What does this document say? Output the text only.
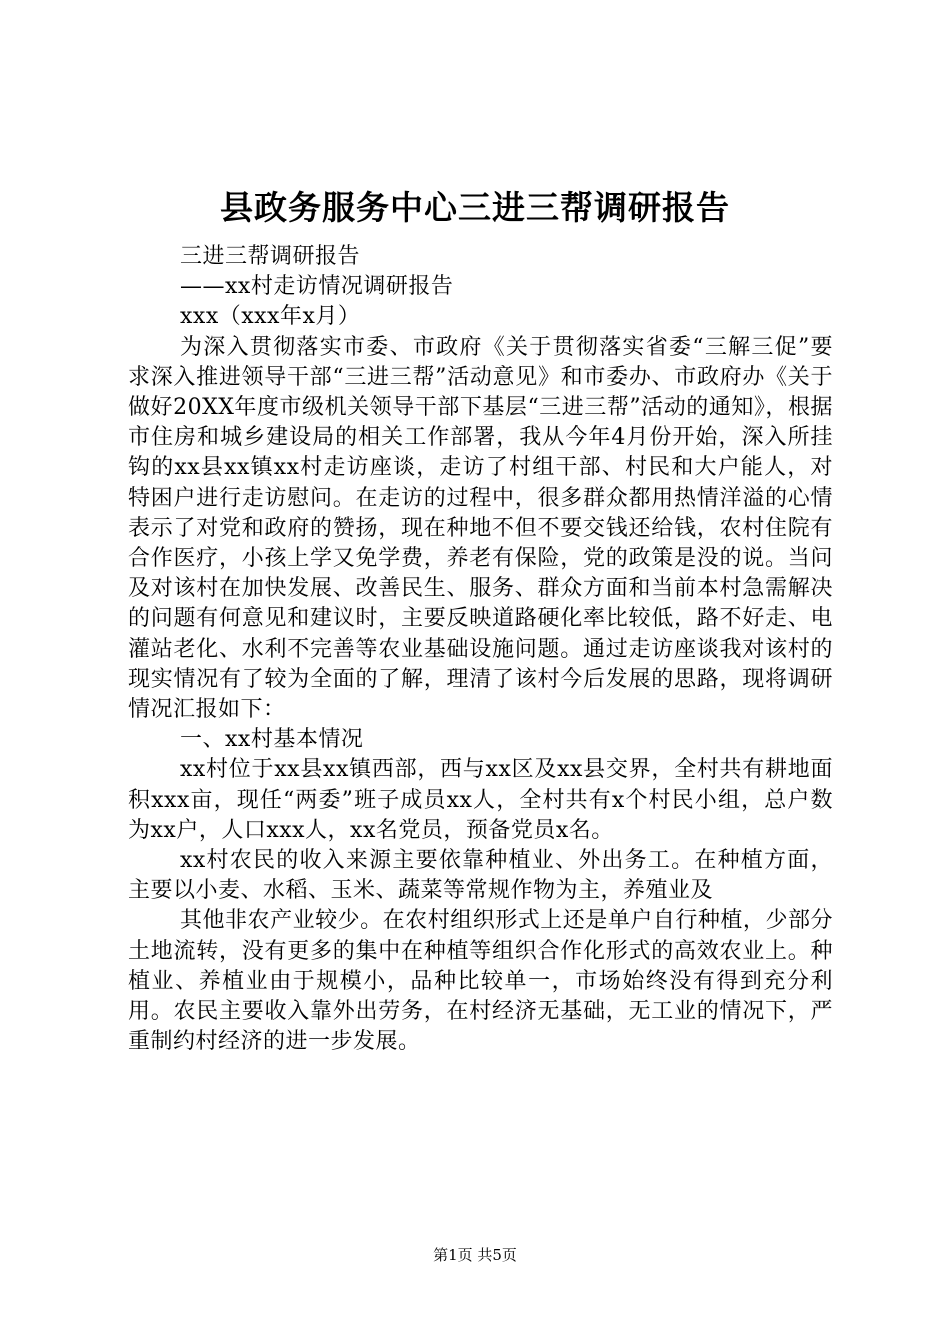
县政务服务中心三进三帮调研报告

三进三帮调研报告

——xx村走访情况调研报告

xxx（xxx年x月）

为深入贯彻落实市委、市政府《关于贯彻落实省委“三解三促”要求深入推进领导干部“三进三帮”活动意见》和市委办、市政府办《关于做好20XX年度市级机关领导干部下基层“三进三帮”活动的通知》，根据市住房和城乡建设局的相关工作部署，我从今年4月份开始，深入所挂钩的xx县xx镇xx村走访座谈，走访了村组干部、村民和大户能人，对特困户进行走访慰问。在走访的过程中，很多群众都用热情洋溢的心情表示了对党和政府的赞扬，现在种地不但不要交钱还给钱，农村住院有合作医疗，小孩上学又免学费，养老有保险，党的政策是没的说。当问及对该村在加快发展、改善民生、服务、群众方面和当前本村急需解决的问题有何意见和建议时，主要反映道路硬化率比较低，路不好走、电灌站老化、水利不完善等农业基础设施问题。通过走访座谈我对该村的现实情况有了较为全面的了解，理清了该村今后发展的思路，现将调研情况汇报如下：

一、xx村基本情况

xx村位于xx县xx镇西部，西与xx区及xx县交界，全村共有耕地面积xxx亩，现任“两委”班子成员xx人，全村共有x个村民小组，总户数为xx户，人口xxx人，xx名党员，预备党员x名。

xx村农民的收入来源主要依靠种植业、外出务工。在种植方面，主要以小麦、水稻、玉米、蔬菜等常规作物为主，养殖业及

其他非农产业较少。在农村组织形式上还是单户自行种植，少部分土地流转，没有更多的集中在种植等组织合作化形式的高效农业上。种植业、养植业由于规模小，品种比较单一，市场始终没有得到充分利用。农民主要收入靠外出劳务，在村经济无基础，无工业的情况下，严重制约村经济的进一步发展。

第1页 共5页
